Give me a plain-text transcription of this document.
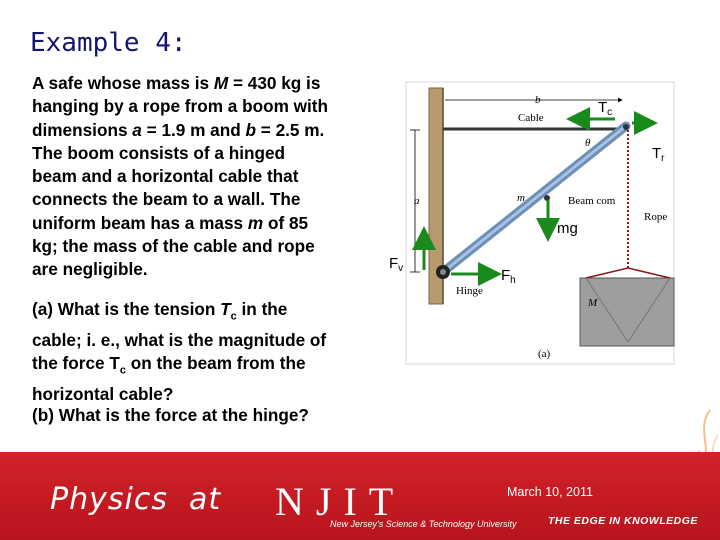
Example 4:
A safe whose mass is M = 430 kg is
hanging by a rope from a boom with
dimensions a = 1.9 m and b = 2.5 m.
The boom consists of a hinged
beam and a horizontal cable that
connects the beam to a wall. The
uniform beam has a mass m of 85
kg; the mass of the cable and rope
are negligible.
(a) What is the tension $T_c$ in the
cable; i. e., what is the magnitude of
the force $T_c$ on the beam from the
horizontal cable?
(b) What is the force at the hinge?
a
b
Cable
θ
m	Beam com
Hinge
Rope
M
(a)
$T_c$
$T_r$
mg
$F_v$	$F_h$
Physics  at NJIT
New Jersey's Science & Technology University	THE EDGE IN KNOWLEDGE
March 10, 2011
